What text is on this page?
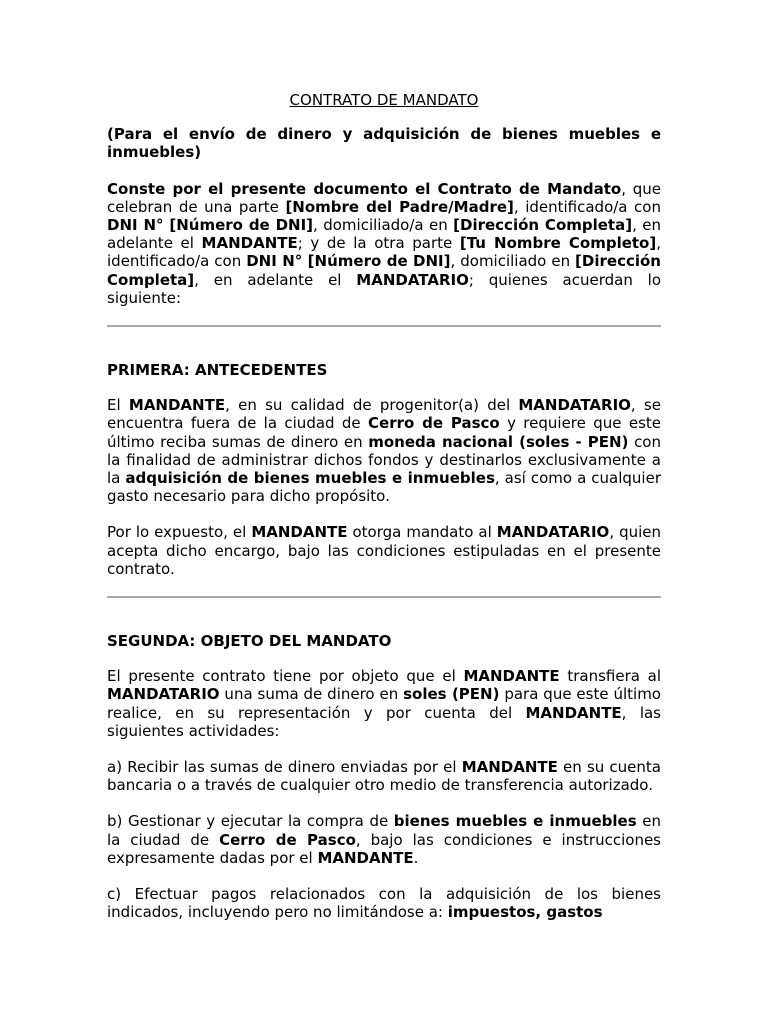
CONTRATO DE MANDATO
(Para el envío de dinero y adquisición de bienes muebles e inmuebles)

Conste por el presente documento el Contrato de Mandato, que celebran de una parte [Nombre del Padre/Madre], identificado/a con DNI N° [Número de DNI], domiciliado/a en [Dirección Completa], en adelante el MANDANTE; y de la otra parte [Tu Nombre Completo], identificado/a con DNI N° [Número de DNI], domiciliado en [Dirección Completa], en adelante el MANDATARIO; quienes acuerdan lo siguiente:

PRIMERA: ANTECEDENTES

El MANDANTE, en su calidad de progenitor(a) del MANDATARIO, se encuentra fuera de la ciudad de Cerro de Pasco y requiere que este último reciba sumas de dinero en moneda nacional (soles - PEN) con la finalidad de administrar dichos fondos y destinarlos exclusivamente a la adquisición de bienes muebles e inmuebles, así como a cualquier gasto necesario para dicho propósito.

Por lo expuesto, el MANDANTE otorga mandato al MANDATARIO, quien acepta dicho encargo, bajo las condiciones estipuladas en el presente contrato.

SEGUNDA: OBJETO DEL MANDATO

El presente contrato tiene por objeto que el MANDANTE transfiera al MANDATARIO una suma de dinero en soles (PEN) para que este último realice, en su representación y por cuenta del MANDANTE, las siguientes actividades:

a) Recibir las sumas de dinero enviadas por el MANDANTE en su cuenta bancaria o a través de cualquier otro medio de transferencia autorizado.

b) Gestionar y ejecutar la compra de bienes muebles e inmuebles en la ciudad de Cerro de Pasco, bajo las condiciones e instrucciones expresamente dadas por el MANDANTE.

c) Efectuar pagos relacionados con la adquisición de los bienes indicados, incluyendo pero no limitándose a: impuestos, gastos
